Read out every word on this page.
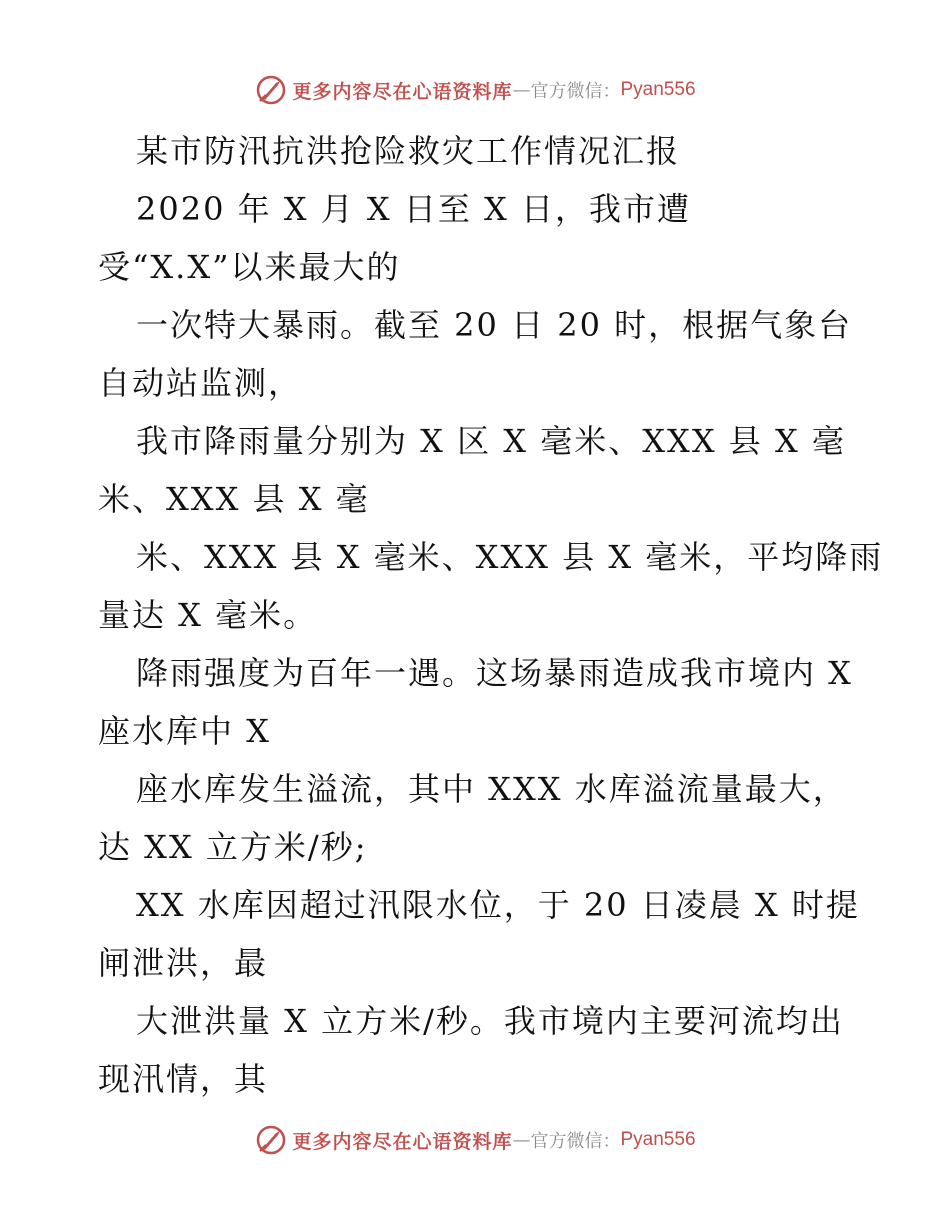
更多内容尽在心语资料库 — 官方微信： Pyan556
某市防汛抗洪抢险救灾工作情况汇报
2020 年 X 月 X 日至 X 日，我市遭
受“X.X”以来最大的
一次特大暴雨。截至 20 日 20 时，根据气象台
自动站监测，
我市降雨量分别为 X 区 X 毫米、XXX 县 X 毫
米、XXX 县 X 毫
米、XXX 县 X 毫米、XXX 县 X 毫米，平均降雨
量达 X 毫米。
降雨强度为百年一遇。这场暴雨造成我市境内 X
座水库中 X
座水库发生溢流，其中 XXX 水库溢流量最大，
达 XX 立方米/秒;
XX 水库因超过汛限水位，于 20 日凌晨 X 时提
闸泄洪，最
大泄洪量 X 立方米/秒。我市境内主要河流均出
现汛情，其
更多内容尽在心语资料库 — 官方微信： Pyan556
